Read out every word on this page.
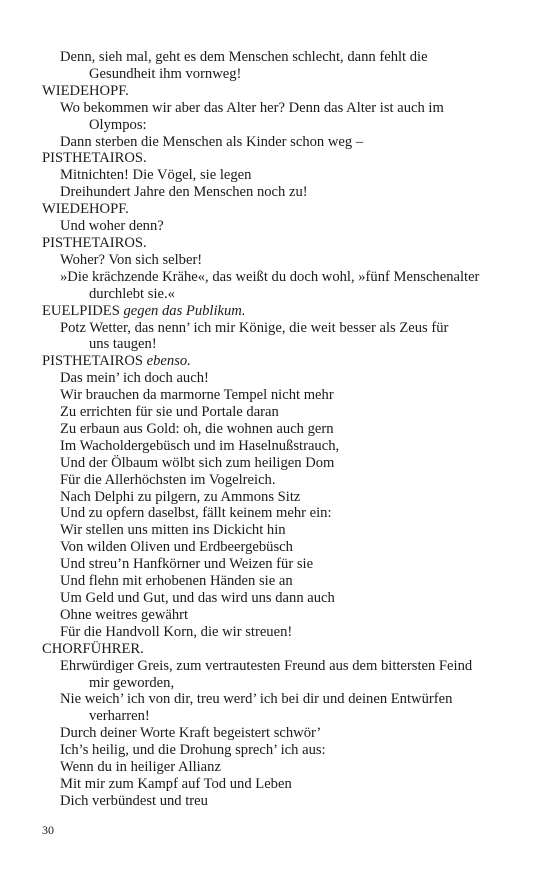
Denn, sieh mal, geht es dem Menschen schlecht, dann fehlt die
Gesundheit ihm vornweg!
WIEDEHOPF.
Wo bekommen wir aber das Alter her? Denn das Alter ist auch im
Olympos:
Dann sterben die Menschen als Kinder schon weg –
PISTHETAIROS.
Mitnichten! Die Vögel, sie legen
Dreihundert Jahre den Menschen noch zu!
WIEDEHOPF.
Und woher denn?
PISTHETAIROS.
Woher? Von sich selber!
»Die krächzende Krähe«, das weißt du doch wohl, »fünf Menschenalter
durchlebt sie.«
EUELPIDES gegen das Publikum.
Potz Wetter, das nenn’ ich mir Könige, die weit besser als Zeus für
uns taugen!
PISTHETAIROS ebenso.
Das mein’ ich doch auch!
Wir brauchen da marmorne Tempel nicht mehr
Zu errichten für sie und Portale daran
Zu erbaun aus Gold: oh, die wohnen auch gern
Im Wacholdergebüsch und im Haselnußstrauch,
Und der Ölbaum wölbt sich zum heiligen Dom
Für die Allerhöchsten im Vogelreich.
Nach Delphi zu pilgern, zu Ammons Sitz
Und zu opfern daselbst, fällt keinem mehr ein:
Wir stellen uns mitten ins Dickicht hin
Von wilden Oliven und Erdbeergebüsch
Und streu’n Hanfkörner und Weizen für sie
Und flehn mit erhobenen Händen sie an
Um Geld und Gut, und das wird uns dann auch
Ohne weitres gewährt
Für die Handvoll Korn, die wir streuen!
CHORFÜHRER.
Ehrwürdiger Greis, zum vertrautesten Freund aus dem bittersten Feind
mir geworden,
Nie weich’ ich von dir, treu werd’ ich bei dir und deinen Entwürfen
verharren!
Durch deiner Worte Kraft begeistert schwör’
Ich’s heilig, und die Drohung sprech’ ich aus:
Wenn du in heiliger Allianz
Mit mir zum Kampf auf Tod und Leben
Dich verbündest und treu
30
